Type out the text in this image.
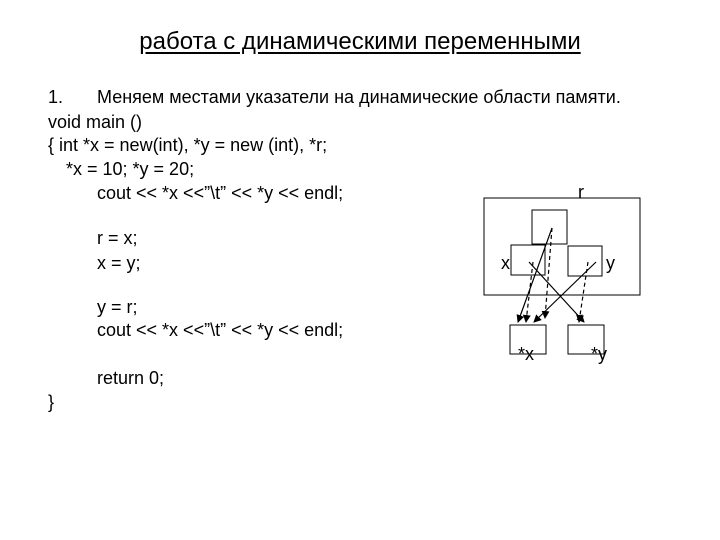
работа с динамическими переменными
1. Меняем местами указатели на динамические области памяти.
void main ()
{ int *x = new(int), *y = new (int), *r;
*x = 10; *y = 20;
cout << *x <<”\t” << *y << endl;
r = x;
x = y;
y = r;
cout << *x <<”\t” << *y << endl;
return 0;
}
r
x	y
*x	*y
